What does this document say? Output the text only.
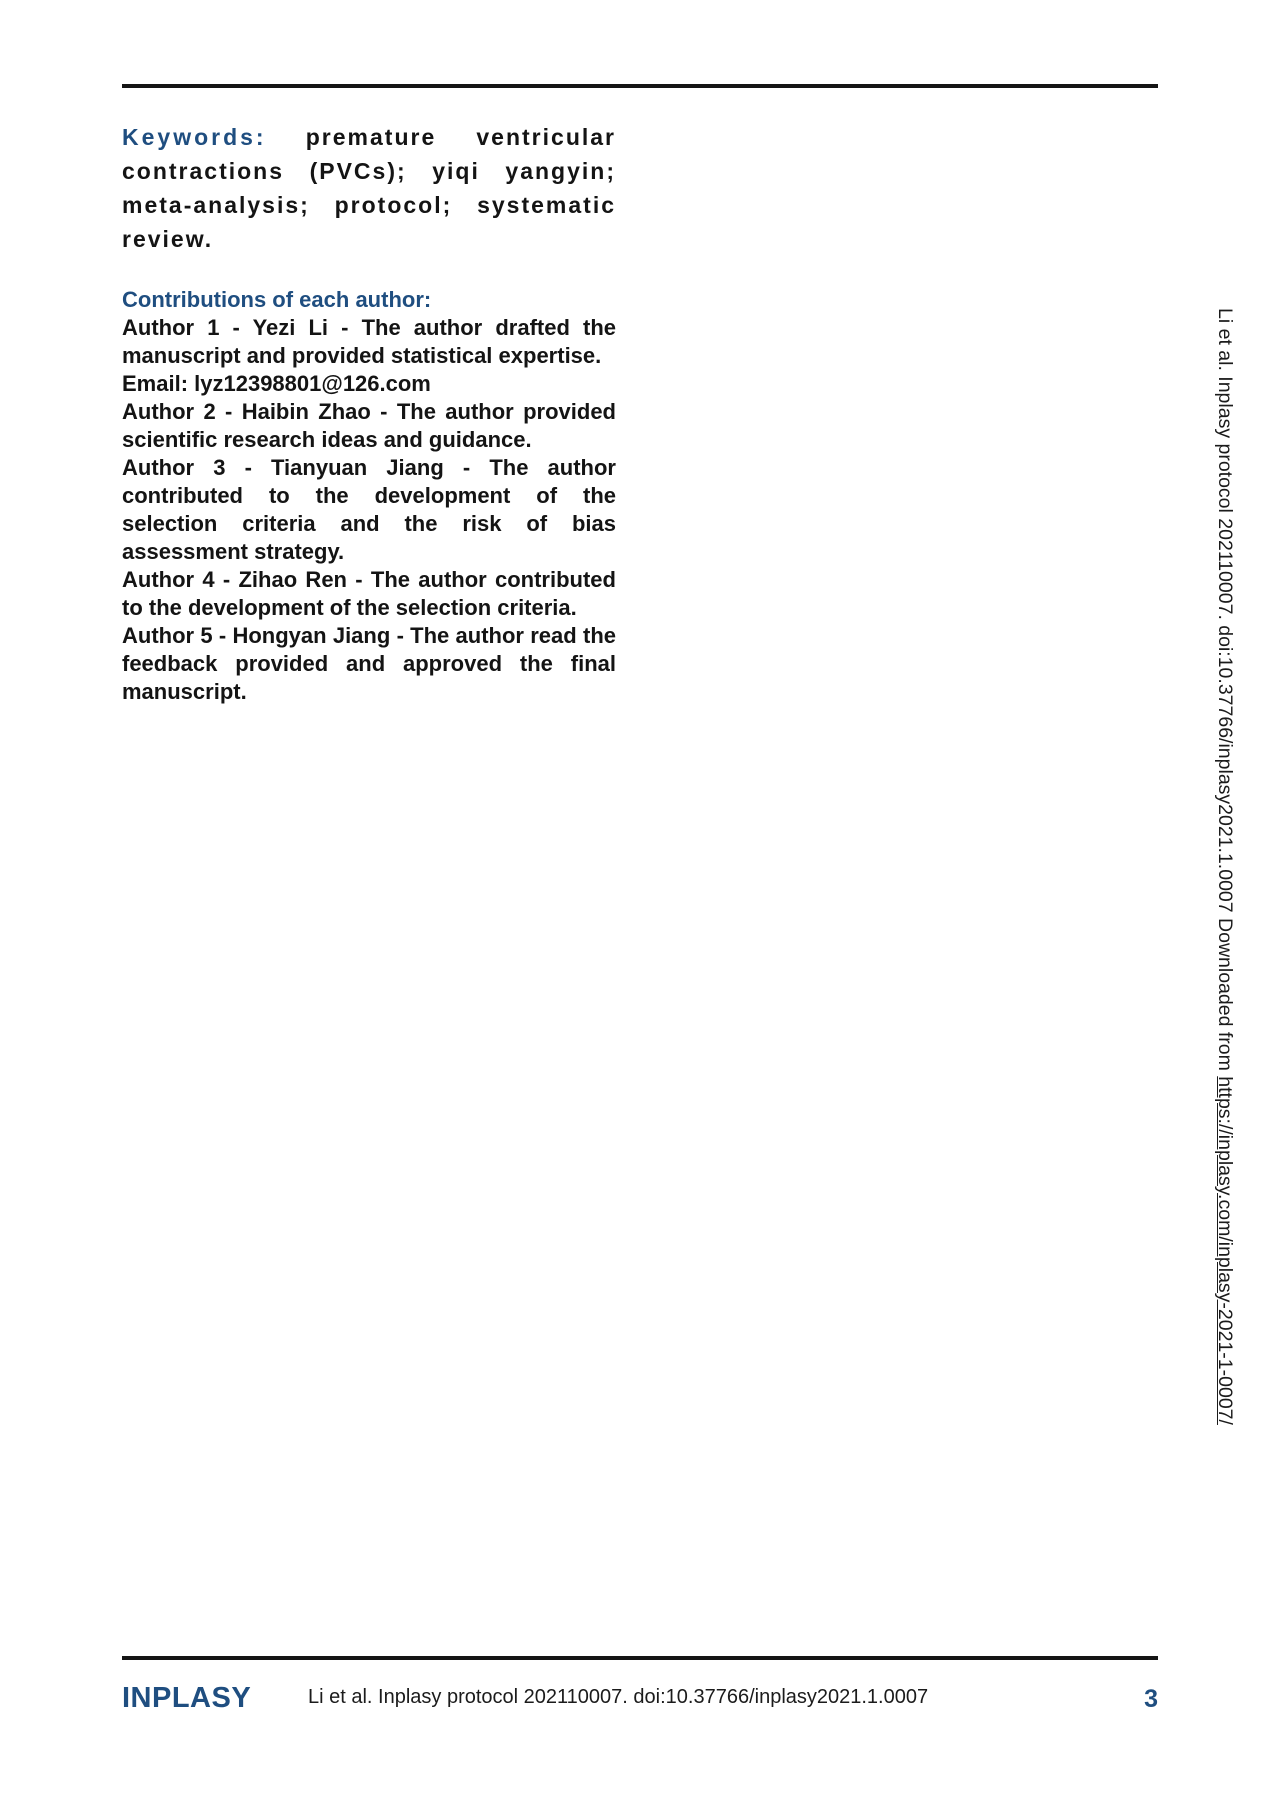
Keywords: premature ventricular contractions (PVCs); yiqi yangyin; meta-analysis; protocol; systematic review.

Contributions of each author:

Author 1 - Yezi Li - The author drafted the manuscript and provided statistical expertise.

Email: lyz12398801@126.com

Author 2 - Haibin Zhao - The author provided scientific research ideas and guidance.

Author 3 - Tianyuan Jiang - The author contributed to the development of the selection criteria and the risk of bias assessment strategy.

Author 4 - Zihao Ren - The author contributed to the development of the selection criteria.

Author 5 - Hongyan Jiang - The author read the feedback provided and approved the final manuscript.	Li et al. Inplasy protocol 202110007. doi:10.37766/inplasy2021.1.0007 Downloaded from https://inplasy.com/inplasy-2021-1-0007/
INPLASY	Li et al. Inplasy protocol 202110007. doi:10.37766/inplasy2021.1.0007	3
